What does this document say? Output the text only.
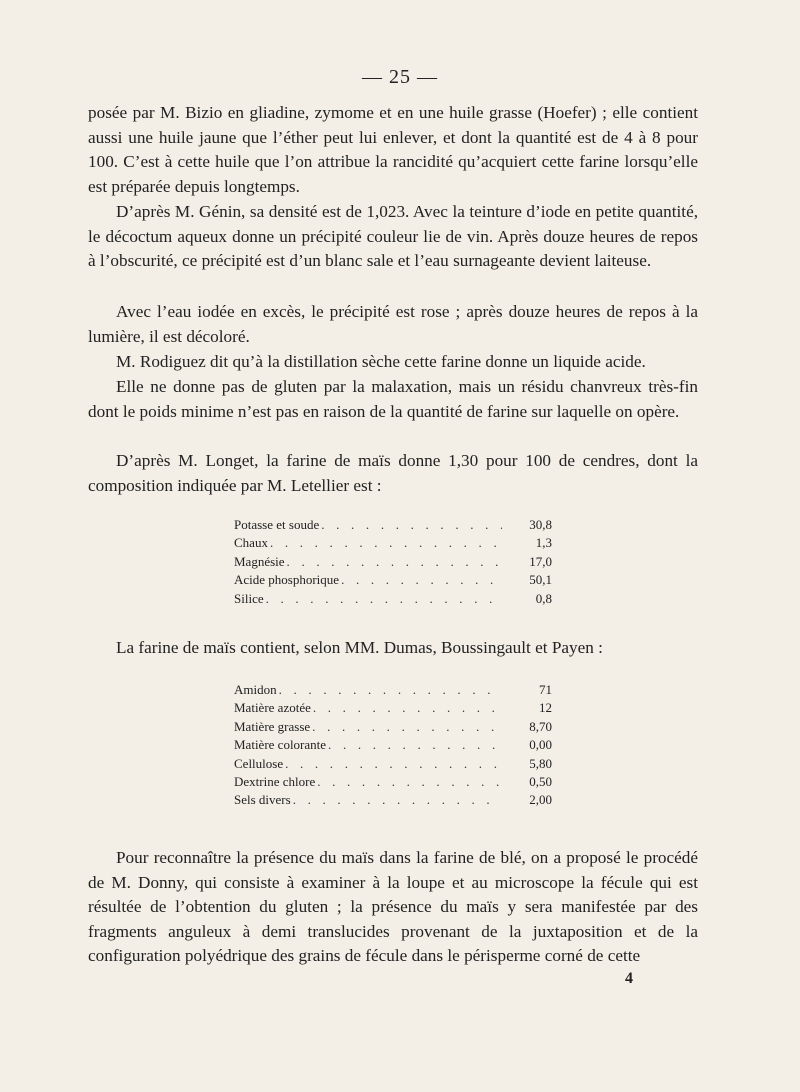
— 25 —

posée par M. Bizio en gliadine, zymome et en une huile grasse (Hoefer) ; elle contient aussi une huile jaune que l’éther peut lui enlever, et dont la quantité est de 4 à 8 pour 100. C’est à cette huile que l’on attribue la rancidité qu’acquiert cette farine lorsqu’elle est préparée depuis longtemps.

D’après M. Génin, sa densité est de 1,023. Avec la teinture d’iode en petite quantité, le décoctum aqueux donne un précipité couleur lie de vin. Après douze heures de repos à l’obscurité, ce précipité est d’un blanc sale et l’eau surnageante devient laiteuse.

Avec l’eau iodée en excès, le précipité est rose ; après douze heures de repos à la lumière, il est décoloré.

M. Rodiguez dit qu’à la distillation sèche cette farine donne un liquide acide.

Elle ne donne pas de gluten par la malaxation, mais un résidu chanvreux très-fin dont le poids minime n’est pas en raison de la quantité de farine sur laquelle on opère.

D’après M. Longet, la farine de maïs donne 1,30 pour 100 de cendres, dont la composition indiquée par M. Letellier est :

Potasse et soude . . .	30,8
Chaux . . .	1,3
Magnésie . . .	17,0
Acide phosphorique . . .	50,1
Silice . . .	0,8

La farine de maïs contient, selon MM. Dumas, Boussingault et Payen :

Amidon . . .	71
Matière azotée . . .	12
Matière grasse . . .	8,70
Matière colorante . . .	0,00
Cellulose . . .	5,80
Dextrine chlore . . .	0,50
Sels divers . . .	2,00

Pour reconnaître la présence du maïs dans la farine de blé, on a proposé le procédé de M. Donny, qui consiste à examiner à la loupe et au microscope la fécule qui est résultée de l’obtention du gluten ; la présence du maïs y sera manifestée par des fragments anguleux à demi translucides provenant de la juxtaposition et de la configuration polyédrique des grains de fécule dans le périsperme corné de cette

4
